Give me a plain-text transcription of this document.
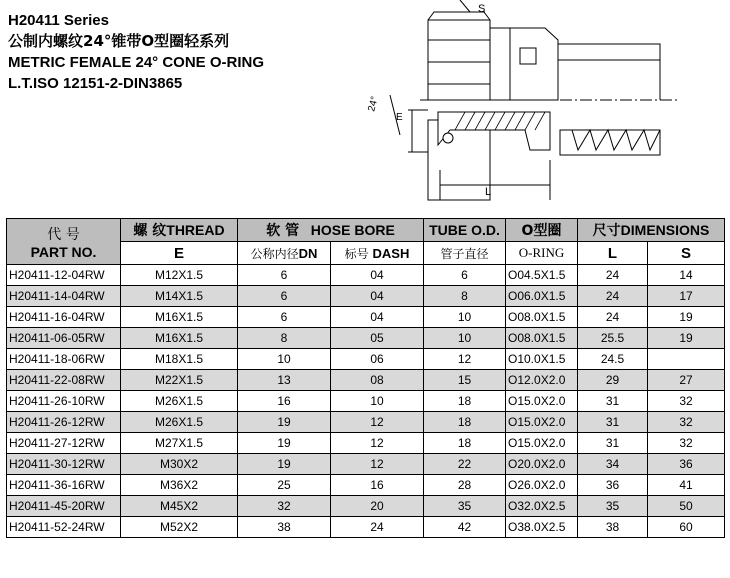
H20411 Series
公制内螺纹24°锥带O型圈轻系列
METRIC FEMALE 24° CONE O-RING
L.T.ISO 12151-2-DIN3865
S
E
L
24°
代 号
PART NO.	螺 纹THREAD	软 管 HOSE BORE		TUBE O.D.	O型圈	尺寸DIMENSIONS	
	E	公称内径DN	标号 DASH	管子直径	O-RING	L	S
H20411-12-04RW	M12X1.5	6	04	6	O04.5X1.5	24	14
H20411-14-04RW	M14X1.5	6	04	8	O06.0X1.5	24	17
H20411-16-04RW	M16X1.5	6	04	10	O08.0X1.5	24	19
H20411-06-05RW	M16X1.5	8	05	10	O08.0X1.5	25.5	19
H20411-18-06RW	M18X1.5	10	06	12	O10.0X1.5	24.5	
H20411-22-08RW	M22X1.5	13	08	15	O12.0X2.0	29	27
H20411-26-10RW	M26X1.5	16	10	18	O15.0X2.0	31	32
H20411-26-12RW	M26X1.5	19	12	18	O15.0X2.0	31	32
H20411-27-12RW	M27X1.5	19	12	18	O15.0X2.0	31	32
H20411-30-12RW	M30X2	19	12	22	O20.0X2.0	34	36
H20411-36-16RW	M36X2	25	16	28	O26.0X2.0	36	41
H20411-45-20RW	M45X2	32	20	35	O32.0X2.5	35	50
H20411-52-24RW	M52X2	38	24	42	O38.0X2.5	38	60
